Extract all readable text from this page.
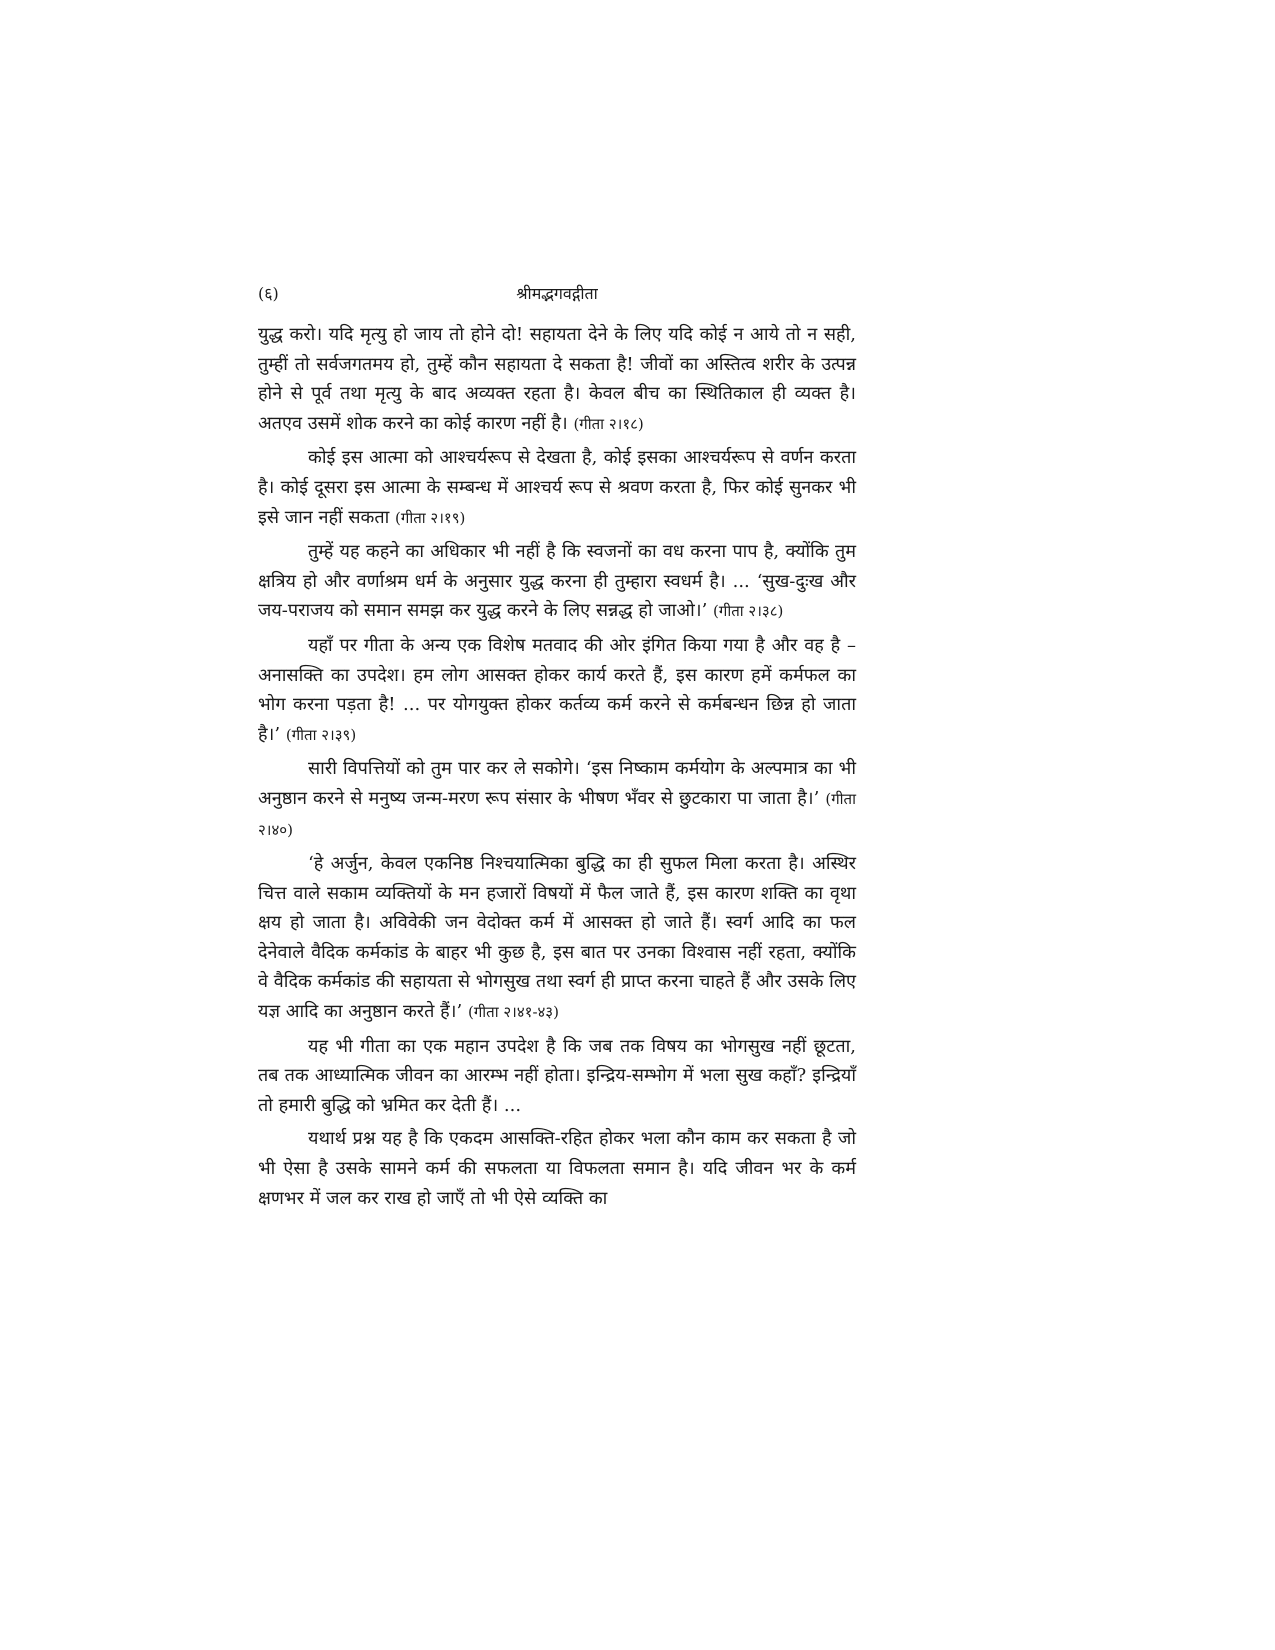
(६)	श्रीमद्भगवद्गीता

युद्ध करो। यदि मृत्यु हो जाय तो होने दो! सहायता देने के लिए यदि कोई न आये तो न सही, तुम्हीं तो सर्वजगतमय हो, तुम्हें कौन सहायता दे सकता है! जीवों का अस्तित्व शरीर के उत्पन्न होने से पूर्व तथा मृत्यु के बाद अव्यक्त रहता है। केवल बीच का स्थितिकाल ही व्यक्त है। अतएव उसमें शोक करने का कोई कारण नहीं है। (गीता २।१८)

कोई इस आत्मा को आश्चर्यरूप से देखता है, कोई इसका आश्चर्यरूप से वर्णन करता है। कोई दूसरा इस आत्मा के सम्बन्ध में आश्चर्य रूप से श्रवण करता है, फिर कोई सुनकर भी इसे जान नहीं सकता (गीता २।१९)

तुम्हें यह कहने का अधिकार भी नहीं है कि स्वजनों का वध करना पाप है, क्योंकि तुम क्षत्रिय हो और वर्णाश्रम धर्म के अनुसार युद्ध करना ही तुम्हारा स्वधर्म है। ... ‘सुख-दुःख और जय-पराजय को समान समझ कर युद्ध करने के लिए सन्नद्ध हो जाओ।’ (गीता २।३८)

यहाँ पर गीता के अन्य एक विशेष मतवाद की ओर इंगित किया गया है और वह है – अनासक्ति का उपदेश। हम लोग आसक्त होकर कार्य करते हैं, इस कारण हमें कर्मफल का भोग करना पड़ता है! ... पर योगयुक्त होकर कर्तव्य कर्म करने से कर्मबन्धन छिन्न हो जाता है।’ (गीता २।३९)

सारी विपत्तियों को तुम पार कर ले सकोगे। ‘इस निष्काम कर्मयोग के अल्पमात्र का भी अनुष्ठान करने से मनुष्य जन्म-मरण रूप संसार के भीषण भँवर से छुटकारा पा जाता है।’ (गीता २।४०)

‘हे अर्जुन, केवल एकनिष्ठ निश्चयात्मिका बुद्धि का ही सुफल मिला करता है। अस्थिर चित्त वाले सकाम व्यक्तियों के मन हजारों विषयों में फैल जाते हैं, इस कारण शक्ति का वृथा क्षय हो जाता है। अविवेकी जन वेदोक्त कर्म में आसक्त हो जाते हैं। स्वर्ग आदि का फल देनेवाले वैदिक कर्मकांड के बाहर भी कुछ है, इस बात पर उनका विश्वास नहीं रहता, क्योंकि वे वैदिक कर्मकांड की सहायता से भोगसुख तथा स्वर्ग ही प्राप्त करना चाहते हैं और उसके लिए यज्ञ आदि का अनुष्ठान करते हैं।’ (गीता २।४१-४३)

यह भी गीता का एक महान उपदेश है कि जब तक विषय का भोगसुख नहीं छूटता, तब तक आध्यात्मिक जीवन का आरम्भ नहीं होता। इन्द्रिय-सम्भोग में भला सुख कहाँ? इन्द्रियाँ तो हमारी बुद्धि को भ्रमित कर देती हैं। ...

यथार्थ प्रश्न यह है कि एकदम आसक्ति-रहित होकर भला कौन काम कर सकता है जो भी ऐसा है उसके सामने कर्म की सफलता या विफलता समान है। यदि जीवन भर के कर्म क्षणभर में जल कर राख हो जाएँ तो भी ऐसे व्यक्ति का
